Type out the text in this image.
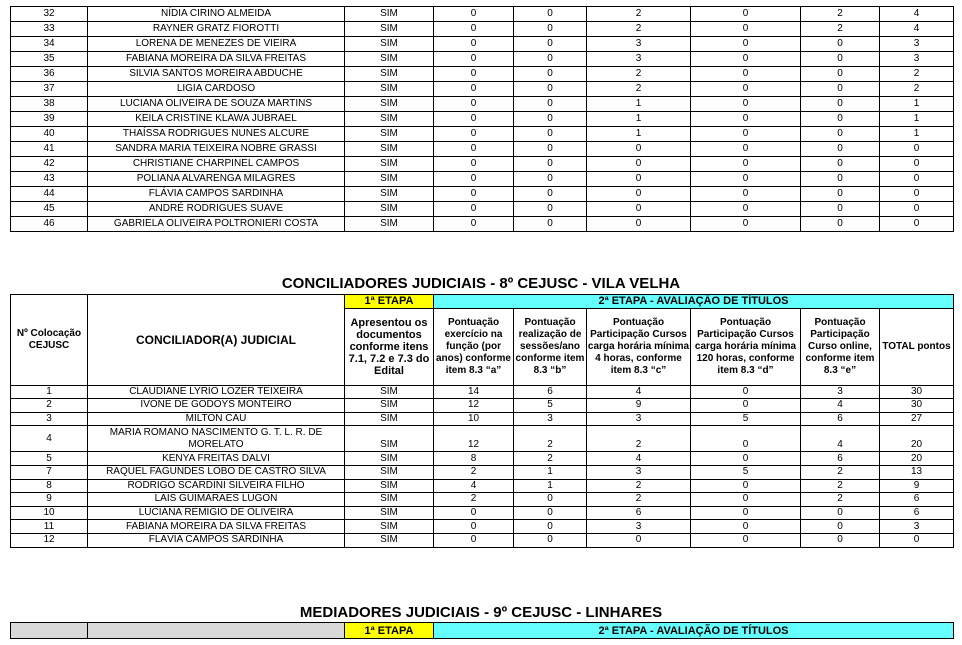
32	NÍDIA CIRINO ALMEIDA	SIM	0	0	2	0	2	4
33	RAYNER GRATZ FIOROTTI	SIM	0	0	2	0	2	4
34	LORENA DE MENEZES DE VIEIRA	SIM	0	0	3	0	0	3
35	FABIANA MOREIRA DA SILVA FREITAS	SIM	0	0	3	0	0	3
36	SILVIA SANTOS MOREIRA ABDUCHE	SIM	0	0	2	0	0	2
37	LIGIA CARDOSO	SIM	0	0	2	0	0	2
38	LUCIANA OLIVEIRA DE SOUZA MARTINS	SIM	0	0	1	0	0	1
39	KEILA CRISTINE KLAWA JUBRAEL	SIM	0	0	1	0	0	1
40	THAÍSSA RODRIGUES NUNES ALCURE	SIM	0	0	1	0	0	1
41	SANDRA MARIA TEIXEIRA NOBRE GRASSI	SIM	0	0	0	0	0	0
42	CHRISTIANE CHARPINEL CAMPOS	SIM	0	0	0	0	0	0
43	POLIANA ALVARENGA MILAGRES	SIM	0	0	0	0	0	0
44	FLÁVIA CAMPOS SARDINHA	SIM	0	0	0	0	0	0
45	ANDRÉ RODRIGUES SUAVE	SIM	0	0	0	0	0	0
46	GABRIELA OLIVEIRA POLTRONIERI COSTA	SIM	0	0	0	0	0	0
CONCILIADORES JUDICIAIS - 8º CEJUSC - VILA VELHA
Nº Colocação CEJUSC	CONCILIADOR(A) JUDICIAL	1ª ETAPA	2ª ETAPA - AVALIAÇÃO DE TÍTULOS					
		Apresentou os documentos conforme itens 7.1, 7.2 e 7.3 do Edital	Pontuação exercício na função (por anos) conforme item 8.3 “a”	Pontuação realização de sessões/ano conforme item 8.3 “b”	Pontuação Participação Cursos carga horária mínima 4 horas, conforme item 8.3 “c”	Pontuação Participação Cursos carga horária mínima 120 horas, conforme item 8.3 “d”	Pontuação Participação Curso online, conforme item 8.3 “e”	TOTAL pontos
1	CLAUDIANE LYRIO LOZER TEIXEIRA	SIM	14	6	4	0	3	30
2	IVONE DE GODOYS MONTEIRO	SIM	12	5	9	0	4	30
3	MILTON CAU	SIM	10	3	3	5	6	27
4	MARIA ROMANO NASCIMENTO G. T. L. R. DE MORELATO	SIM	12	2	2	0	4	20
5	KENYA FREITAS DALVI	SIM	8	2	4	0	6	20
7	RAQUEL FAGUNDES LOBO DE CASTRO SILVA	SIM	2	1	3	5	2	13
8	RODRIGO SCARDINI SILVEIRA FILHO	SIM	4	1	2	0	2	9
9	LAIS GUIMARAES LUGON	SIM	2	0	2	0	2	6
10	LUCIANA REMIGIO DE OLIVEIRA	SIM	0	0	6	0	0	6
11	FABIANA MOREIRA DA SILVA FREITAS	SIM	0	0	3	0	0	3
12	FLÁVIA CAMPOS SARDINHA	SIM	0	0	0	0	0	0
MEDIADORES JUDICIAIS - 9º CEJUSC - LINHARES
		1ª ETAPA	2ª ETAPA - AVALIAÇÃO DE TÍTULOS
